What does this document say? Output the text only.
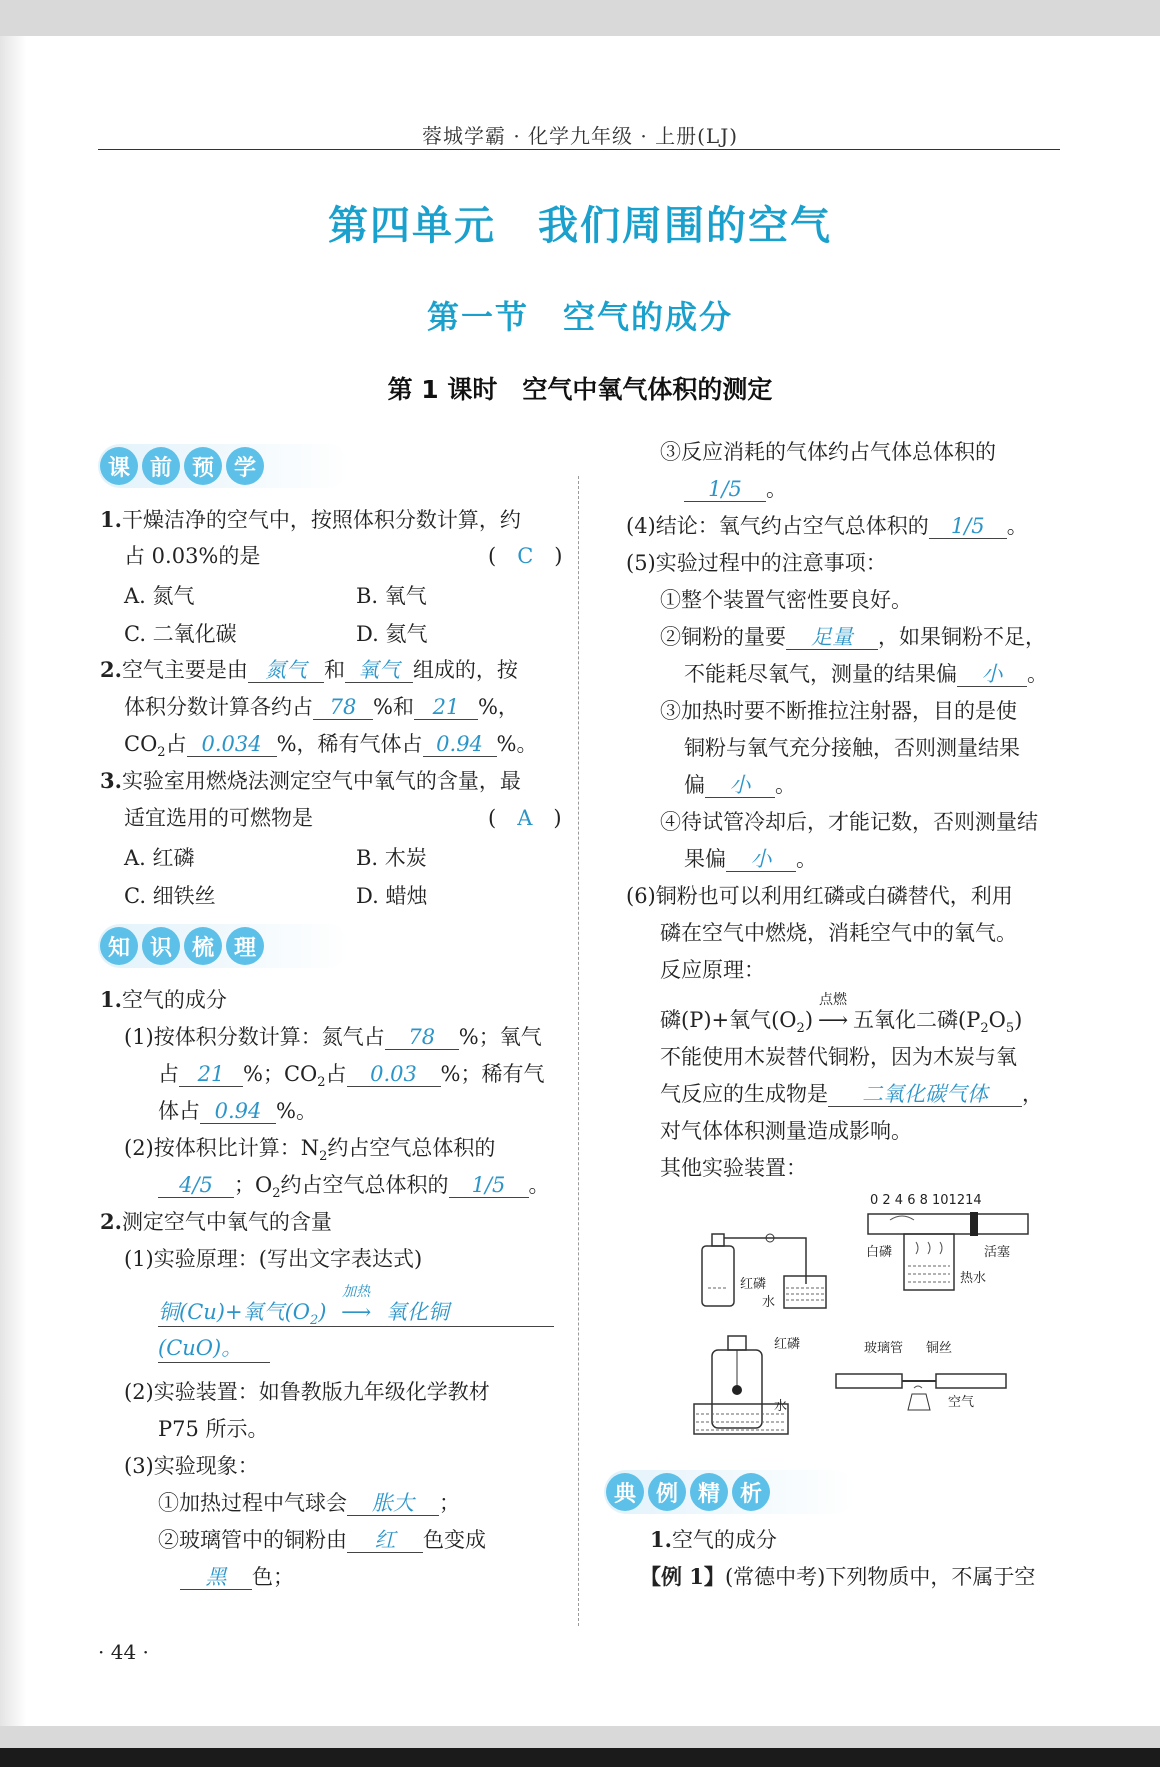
蓉城学霸 · 化学九年级 · 上册(LJ)
第四单元　我们周围的空气
第一节　空气的成分
第 1 课时　空气中氧气体积的测定
课 前 预 学
1.干燥洁净的空气中，按照体积分数计算，约
占 0.03%的是	(　C　)
A. 氮气	B. 氧气
C. 二氧化碳	D. 氦气
2.空气主要是由 氮气 和 氧气 组成的，按
体积分数计算各约占 78 %和 21 %，
$CO_2$占 0.034 %，稀有气体占 0.94 %。
3.实验室用燃烧法测定空气中氧气的含量，最
适宜选用的可燃物是	(　A　)
A. 红磷	B. 木炭
C. 细铁丝	D. 蜡烛
知 识 梳 理
1.空气的成分
(1)按体积分数计算：氮气占 78 %；氧气
占 21 %；$CO_2$占 0.03 %；稀有气
体占 0.94 %。
(2)按体积比计算：$N_2$约占空气总体积的
4/5 ；$O_2$约占空气总体积的 1/5 。
2.测定空气中氧气的含量
(1)实验原理：(写出文字表达式)
铜(Cu)+氧气$(O_2)$
加热
⟶ 氧化铜
(CuO)。
(2)实验装置：如鲁教版九年级化学教材
P75 所示。
(3)实验现象：
①加热过程中气球会 胀大 ；
②玻璃管中的铜粉由 红 色变成
黑 色；
· 44 ·
③反应消耗的气体约占气体总体积的
1/5 。
(4)结论：氧气约占空气总体积的 1/5 。
(5)实验过程中的注意事项：
①整个装置气密性要良好。
②铜粉的量要 足量 ，如果铜粉不足，
不能耗尽氧气，测量的结果偏 小 。
③加热时要不断推拉注射器，目的是使
铜粉与氧气充分接触，否则测量结果
偏 小 。
④待试管冷却后，才能记数，否则测量结
果偏 小 。
(6)铜粉也可以利用红磷或白磷替代，利用
磷在空气中燃烧，消耗空气中的氧气。
反应原理：
磷(P)+氧气$(O_2)$
点燃
⟶ 五氧化二磷$(P_2O_5)$
不能使用木炭替代铜粉，因为木炭与氧
气反应的生成物是 二氧化碳气体 ，
对气体体积测量造成影响。
其他实验装置：
红磷
水
0 2 4 6 8 101214
白磷	活塞
热水
红磷
水
玻璃管 铜丝
空气
典 例 精 析
1.空气的成分
【例 1】(常德中考)下列物质中，不属于空
